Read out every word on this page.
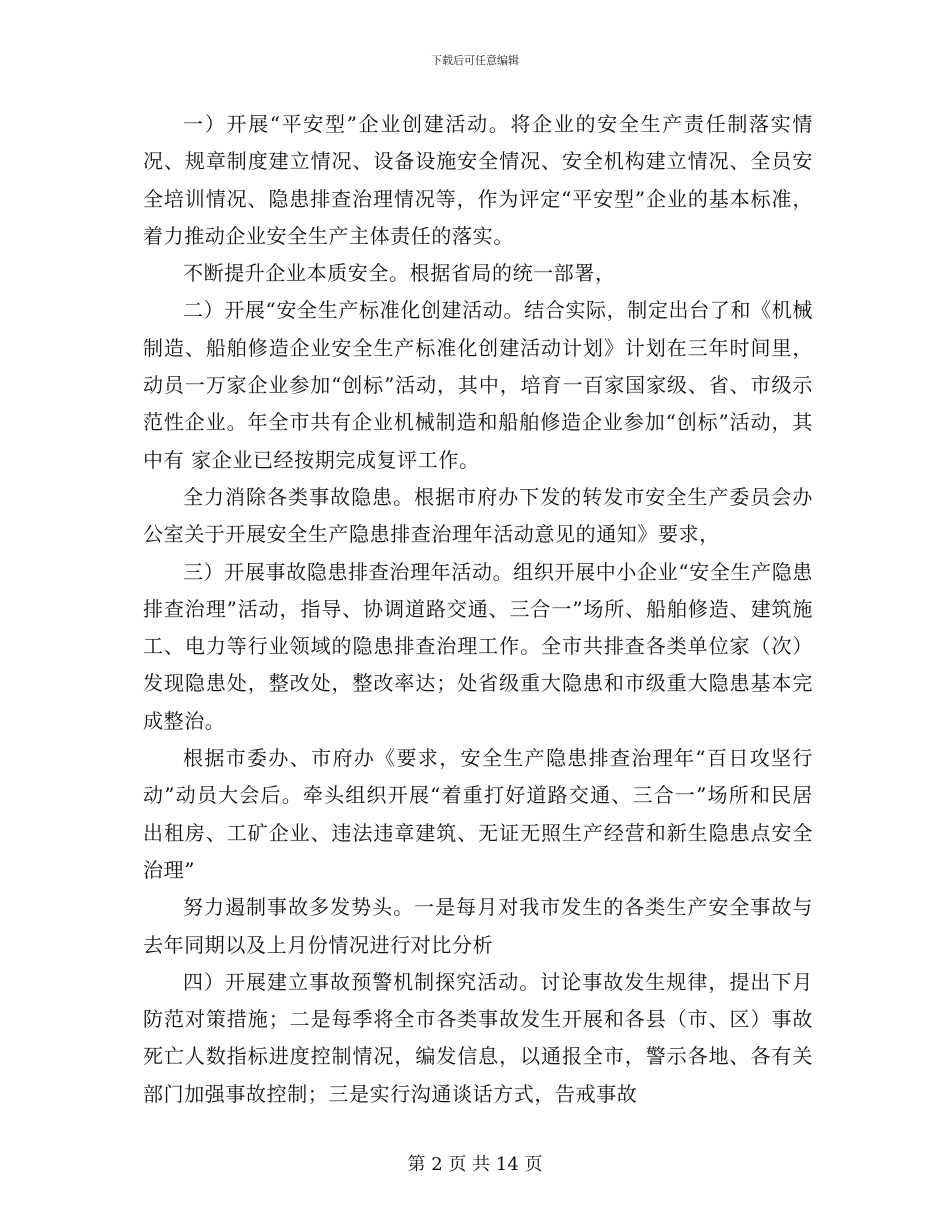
下载后可任意编辑

一）开展“平安型”企业创建活动。将企业的安全生产责任制落实情况、规章制度建立情况、设备设施安全情况、安全机构建立情况、全员安全培训情况、隐患排查治理情况等，作为评定“平安型”企业的基本标准，着力推动企业安全生产主体责任的落实。

不断提升企业本质安全。根据省局的统一部署，

二）开展“安全生产标准化创建活动。结合实际，制定出台了和《机械制造、船舶修造企业安全生产标准化创建活动计划》计划在三年时间里，动员一万家企业参加“创标”活动，其中，培育一百家国家级、省、市级示范性企业。年全市共有企业机械制造和船舶修造企业参加“创标”活动，其中有 家企业已经按期完成复评工作。

全力消除各类事故隐患。根据市府办下发的转发市安全生产委员会办公室关于开展安全生产隐患排查治理年活动意见的通知》要求，

三）开展事故隐患排查治理年活动。组织开展中小企业“安全生产隐患排查治理”活动，指导、协调道路交通、三合一”场所、船舶修造、建筑施工、电力等行业领域的隐患排查治理工作。全市共排查各类单位家（次）发现隐患处，整改处，整改率达；处省级重大隐患和市级重大隐患基本完成整治。

根据市委办、市府办《要求，安全生产隐患排查治理年“百日攻坚行动”动员大会后。牵头组织开展“着重打好道路交通、三合一”场所和民居出租房、工矿企业、违法违章建筑、无证无照生产经营和新生隐患点安全治理”

努力遏制事故多发势头。一是每月对我市发生的各类生产安全事故与去年同期以及上月份情况进行对比分析

四）开展建立事故预警机制探究活动。讨论事故发生规律，提出下月防范对策措施；二是每季将全市各类事故发生开展和各县（市、区）事故死亡人数指标进度控制情况，编发信息，以通报全市，警示各地、各有关部门加强事故控制；三是实行沟通谈话方式，告戒事故

第 2 页 共 14 页
